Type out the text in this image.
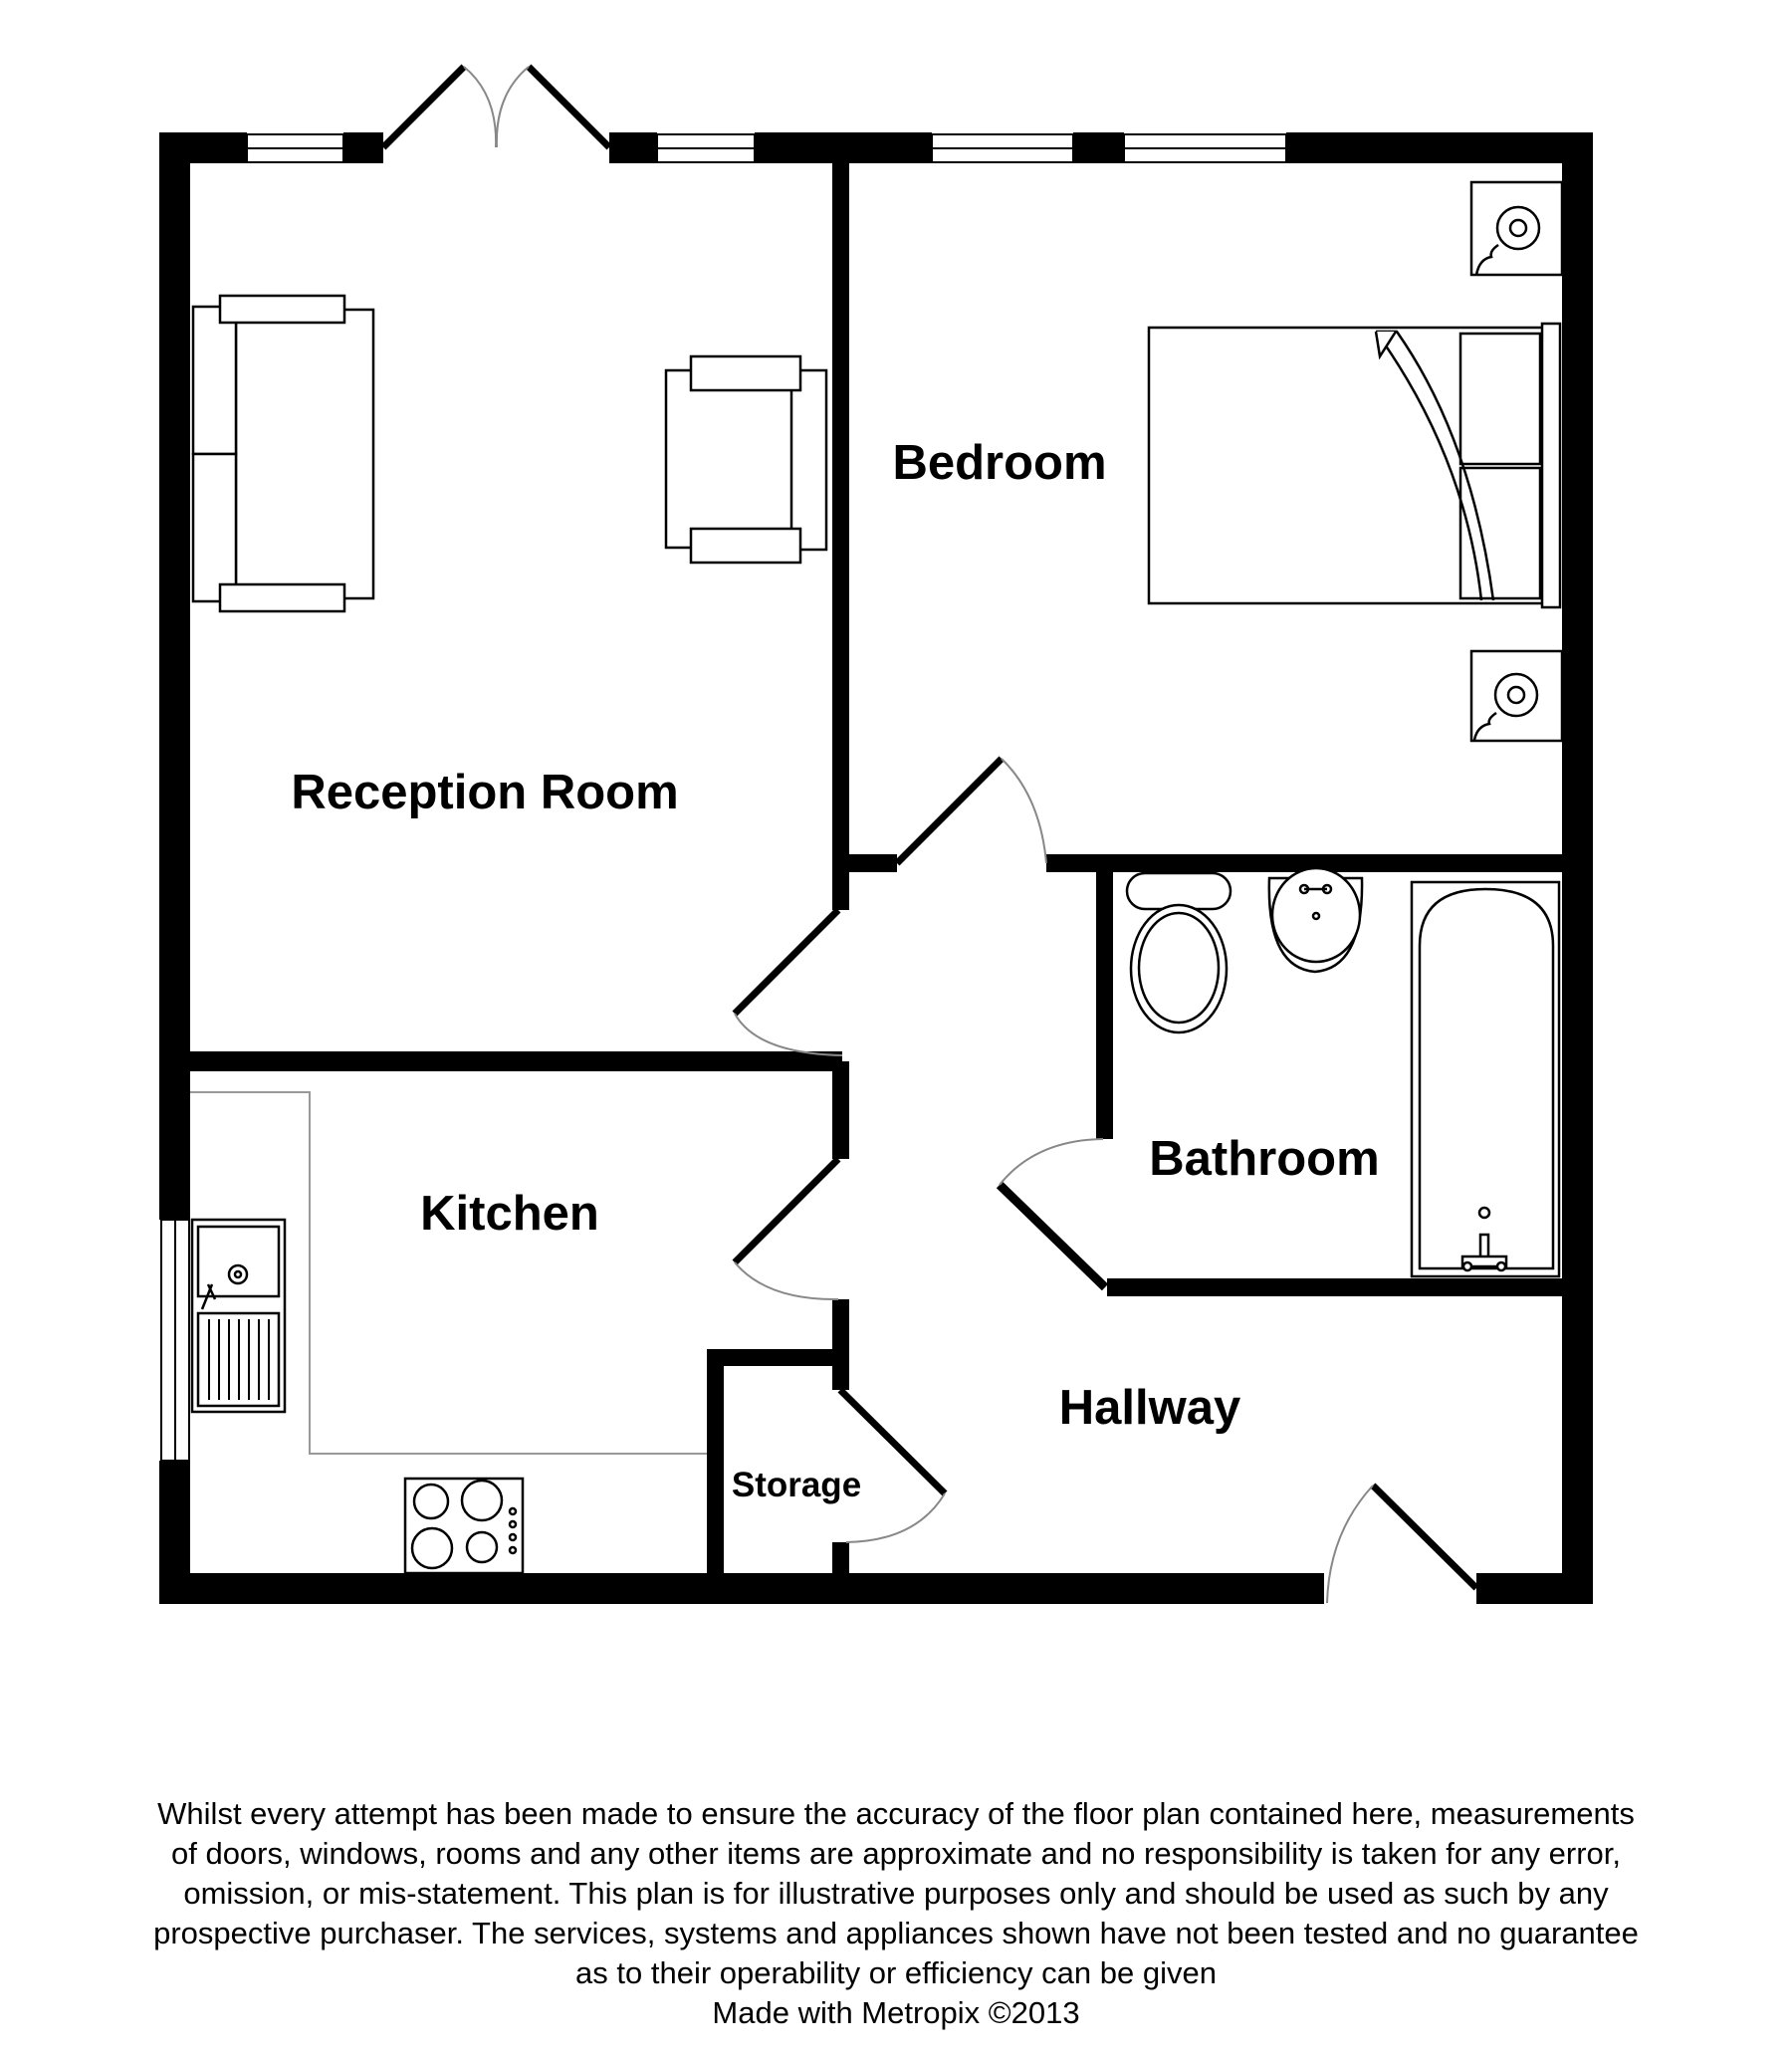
Reception Room
Bedroom
Kitchen
Bathroom
Hallway
Storage
Whilst every attempt has been made to ensure the accuracy of the floor plan contained here, measurements
of doors, windows, rooms and any other items are approximate and no responsibility is taken for any error,
omission, or mis-statement. This plan is for illustrative purposes only and should be used as such by any
prospective purchaser. The services, systems and appliances shown have not been tested and no guarantee
as to their operability or efficiency can be given
Made with Metropix ©2013
